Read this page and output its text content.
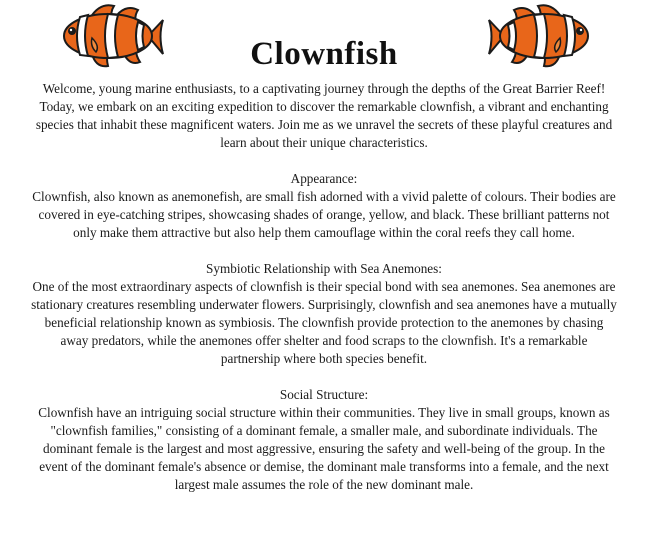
Clownfish

Welcome, young marine enthusiasts, to a captivating journey through the depths of the Great Barrier Reef! Today, we embark on an exciting expedition to discover the remarkable clownfish, a vibrant and enchanting species that inhabit these magnificent waters. Join me as we unravel the secrets of these playful creatures and learn about their unique characteristics.

Appearance:

Clownfish, also known as anemonefish, are small fish adorned with a vivid palette of colours. Their bodies are covered in eye-catching stripes, showcasing shades of orange, yellow, and black. These brilliant patterns not only make them attractive but also help them camouflage within the coral reefs they call home.

Symbiotic Relationship with Sea Anemones:

One of the most extraordinary aspects of clownfish is their special bond with sea anemones. Sea anemones are stationary creatures resembling underwater flowers. Surprisingly, clownfish and sea anemones have a mutually beneficial relationship known as symbiosis. The clownfish provide protection to the anemones by chasing away predators, while the anemones offer shelter and food scraps to the clownfish. It's a remarkable partnership where both species benefit.

Social Structure:

Clownfish have an intriguing social structure within their communities. They live in small groups, known as "clownfish families," consisting of a dominant female, a smaller male, and subordinate individuals. The dominant female is the largest and most aggressive, ensuring the safety and well-being of the group. In the event of the dominant female's absence or demise, the dominant male transforms into a female, and the next largest male assumes the role of the new dominant male.
